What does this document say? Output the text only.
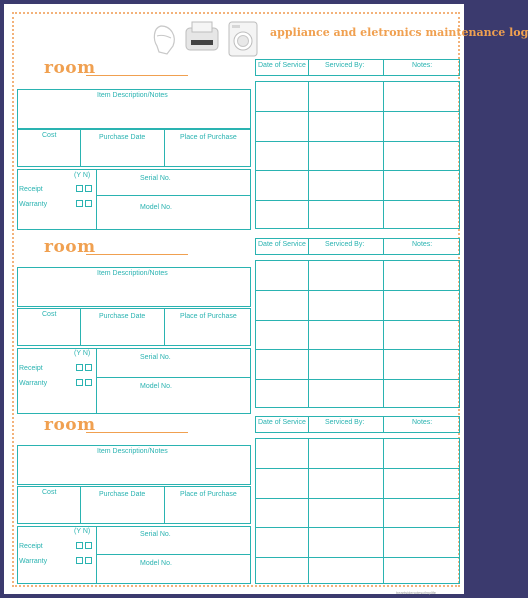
appliance and eletronics maintenance log
room
Item Description/Notes
Cost	Purchase Date	Place of Purchase
(Y N)
Receipt
Warranty
Serial No.
Model No.
Date of Service	Serviced By:	Notes:
room
Item Description/Notes
Cost	Purchase Date	Place of Purchase
(Y N)
Receipt
Warranty
Serial No.
Model No.
Date of Service	Serviced By:	Notes:
room
Item Description/Notes
Cost	Purchase Date	Place of Purchase
(Y N)
Receipt
Warranty
Serial No.
Model No.
Date of Service	Serviced By:	Notes:
heartsidenotesofmylife
